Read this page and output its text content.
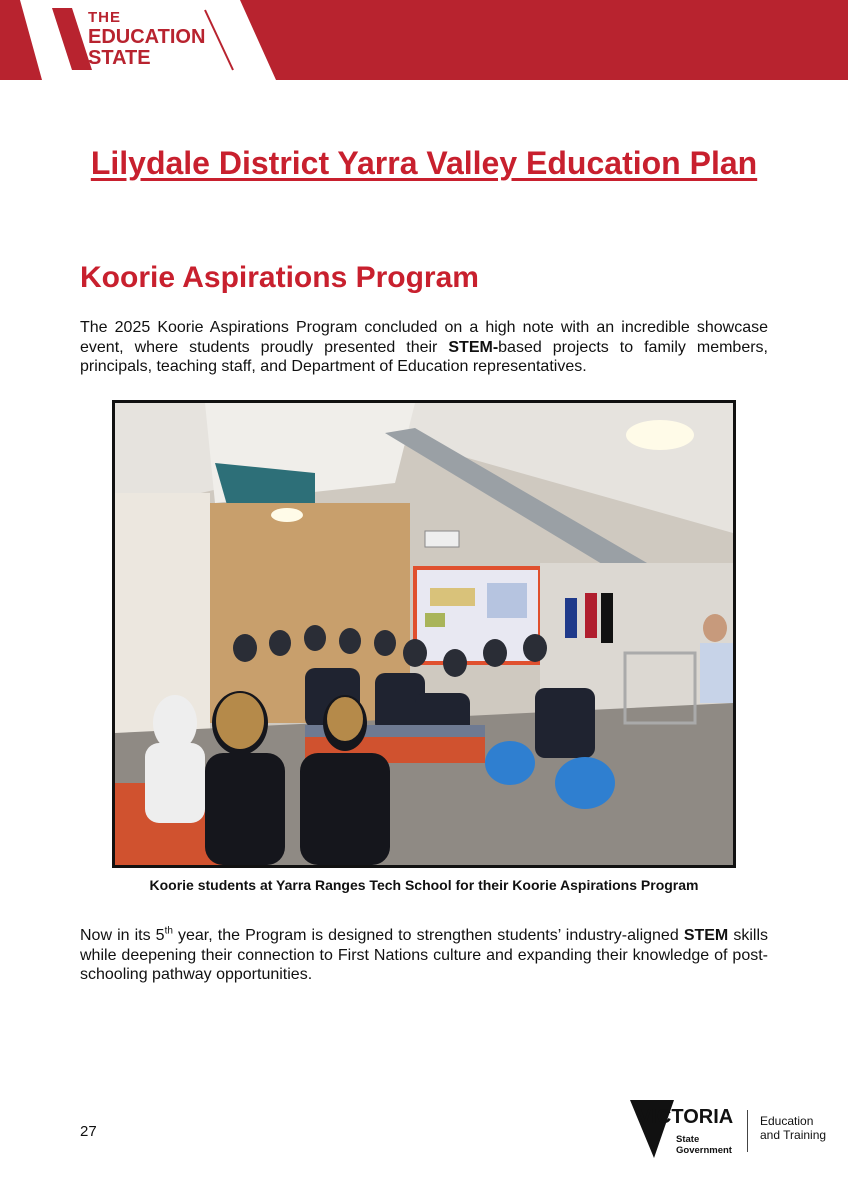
THE
EDUCATION
STATE
Lilydale District Yarra Valley Education Plan
Koorie Aspirations Program

The 2025 Koorie Aspirations Program concluded on a high note with an incredible showcase event, where students proudly presented their STEM-based projects to family members, principals, teaching staff, and Department of Education representatives.

Koorie students at Yarra Ranges Tech School for their Koorie Aspirations Program

Now in its 5th year, the Program is designed to strengthen students’ industry-aligned STEM skills while deepening their connection to First Nations culture and expanding their knowledge of post-schooling pathway opportunities.

27
VICTORIA
State
Government
Education
and Training
